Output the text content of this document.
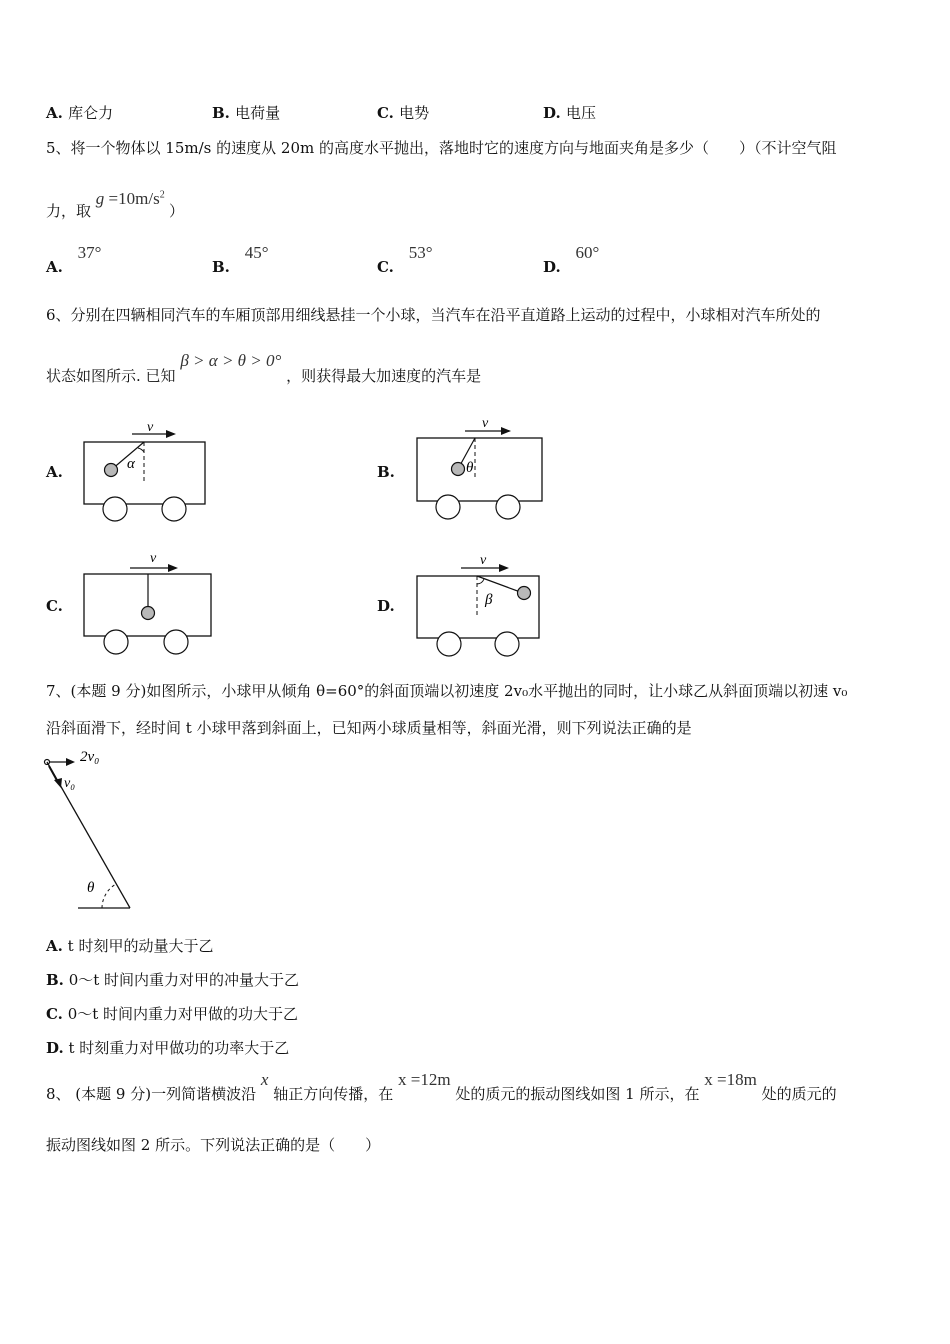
A. 库仑力	B. 电荷量	C. 电势	D. 电压
5、将一个物体以 15m/s 的速度从 20m 的高度水平抛出，落地时它的速度方向与地面夹角是多少（　　）（不计空气阻
力，取 $g =10m/s^2$ ）
A. 37°
B. 45°
C. 53°
D. 60°
6、分别在四辆相同汽车的车厢顶部用细线悬挂一个小球，当汽车在沿平直道路上运动的过程中，小球相对汽车所处的
状态如图所示. 已知 β > α > θ > 0° ，则获得最大加速度的汽车是
A.	B.
C.	D.
v
α
v
θ
v	v
β
7、(本题 9 分)如图所示，小球甲从倾角 θ=60°的斜面顶端以初速度 2v₀水平抛出的同时，让小球乙从斜面顶端以初速 v₀
沿斜面滑下，经时间 t 小球甲落到斜面上，已知两小球质量相等，斜面光滑，则下列说法正确的是
2v₀
v₀
θ
A. t 时刻甲的动量大于乙
B. 0～t 时间内重力对甲的冲量大于乙
C. 0～t 时间内重力对甲做的功大于乙
D. t 时刻重力对甲做功的功率大于乙
8、 (本题 9 分)一列简谐横波沿 x 轴正方向传播，在 x =12m 处的质元的振动图线如图 1 所示，在 x =18m 处的质元的
振动图线如图 2 所示。下列说法正确的是（　　）
